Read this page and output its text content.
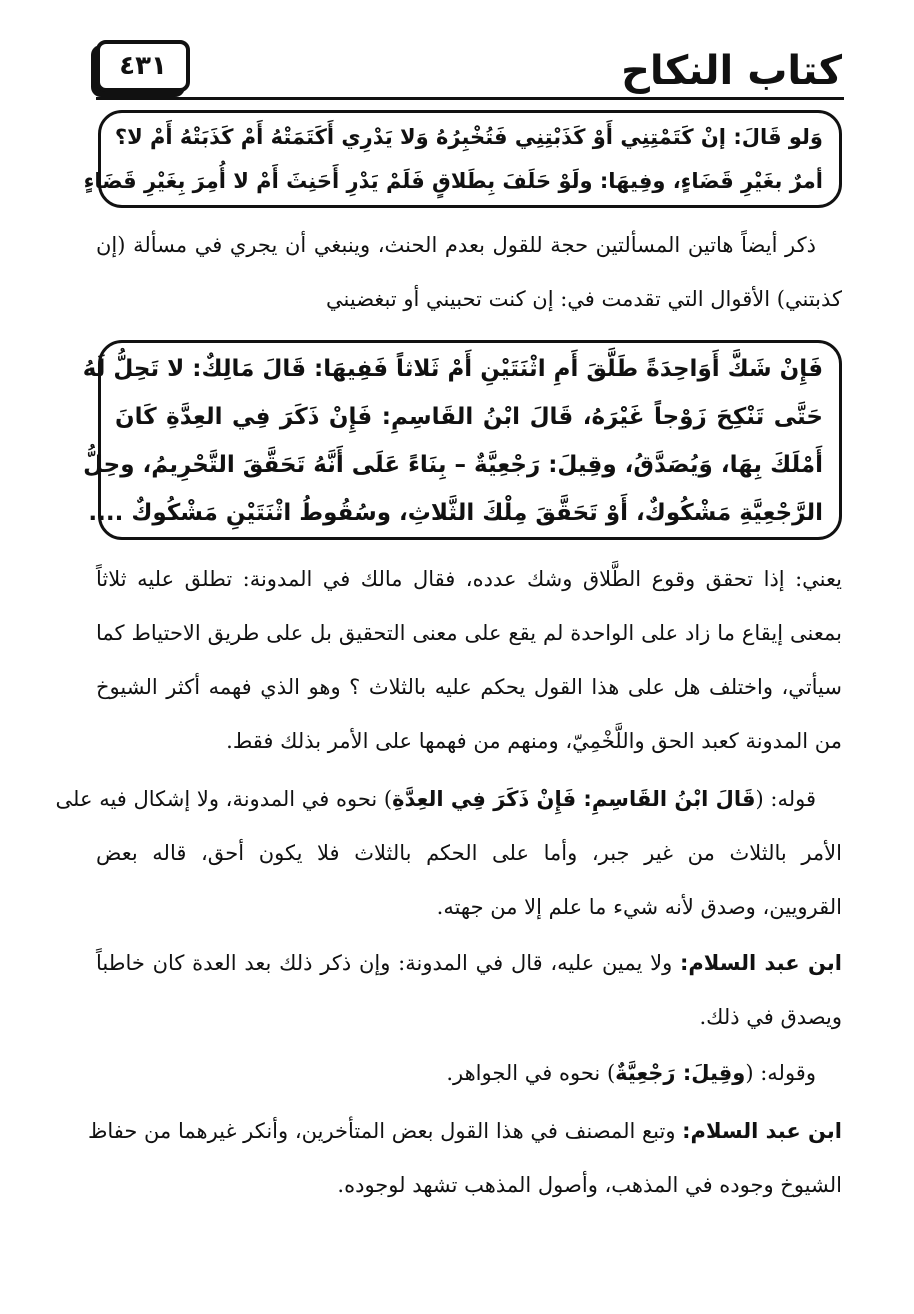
كتاب النكاح
٤٣١
وَلو قَالَ: إنْ كَتَمْتِنِي أَوْ كَذَبْتِنِي فَتُخْبِرُهُ وَلا يَدْرِي أَكَتَمَتْهُ أَمْ كَذَبَتْهُ أَمْ لا؟
أمرٌ بغَيْرِ قَضَاءٍ، وفِيهَا: ولَوْ حَلَفَ بِطَلاقٍ فَلَمْ يَدْرِ أَحَنِثَ أَمْ لا أُمِرَ بِغَيْرِ قَضَاءٍ
ذكر أيضاً هاتين المسألتين حجة للقول بعدم الحنث، وينبغي أن يجري في مسألة (إن
كذبتني) الأقوال التي تقدمت في: إن كنت تحبيني أو تبغضيني
فَإِنْ شَكَّ أَوَاحِدَةً طَلَّقَ أَمِ اثْنَتَيْنِ أَمْ ثَلاثاً فَفِيهَا: قَالَ مَالِكٌ: لا تَحِلُّ لَهُ
حَتَّى تَنْكِحَ زَوْجاً غَيْرَهُ، قَالَ ابْنُ القَاسِمِ: فَإِنْ ذَكَرَ فِي العِدَّةِ كَانَ
أَمْلَكَ بِهَا، وَيُصَدَّقُ، وقِيلَ: رَجْعِيَّةٌ – بِنَاءً عَلَى أَنَّهُ تَحَقَّقَ التَّحْرِيمُ، وحِلُّ
الرَّجْعِيَّةِ مَشْكُوكٌ، أَوْ تَحَقَّقَ مِلْكَ الثَّلاثِ، وسُقُوطُ اثْنَتَيْنِ مَشْكُوكٌ ....
يعني: إذا تحقق وقوع الطَّلاق وشك عدده، فقال مالك في المدونة: تطلق عليه ثلاثاً
بمعنى إيقاع ما زاد على الواحدة لم يقع على معنى التحقيق بل على طريق الاحتياط كما
سيأتي، واختلف هل على هذا القول يحكم عليه بالثلاث ؟ وهو الذي فهمه أكثر الشيوخ
من المدونة كعبد الحق واللَّخْمِيّ، ومنهم من فهمها على الأمر بذلك فقط.
قوله: (قَالَ ابْنُ القَاسِمِ: فَإِنْ ذَكَرَ فِي العِدَّةِ) نحوه في المدونة، ولا إشكال فيه على
الأمر بالثلاث من غير جبر، وأما على الحكم بالثلاث فلا يكون أحق، قاله بعض
القرويين، وصدق لأنه شيء ما علم إلا من جهته.
ابن عبد السلام: ولا يمين عليه، قال في المدونة: وإن ذكر ذلك بعد العدة كان خاطباً
ويصدق في ذلك.
وقوله: (وقِيلَ: رَجْعِيَّةٌ) نحوه في الجواهر.
ابن عبد السلام: وتبع المصنف في هذا القول بعض المتأخرين، وأنكر غيرهما من حفاظ
الشيوخ وجوده في المذهب، وأصول المذهب تشهد لوجوده.
